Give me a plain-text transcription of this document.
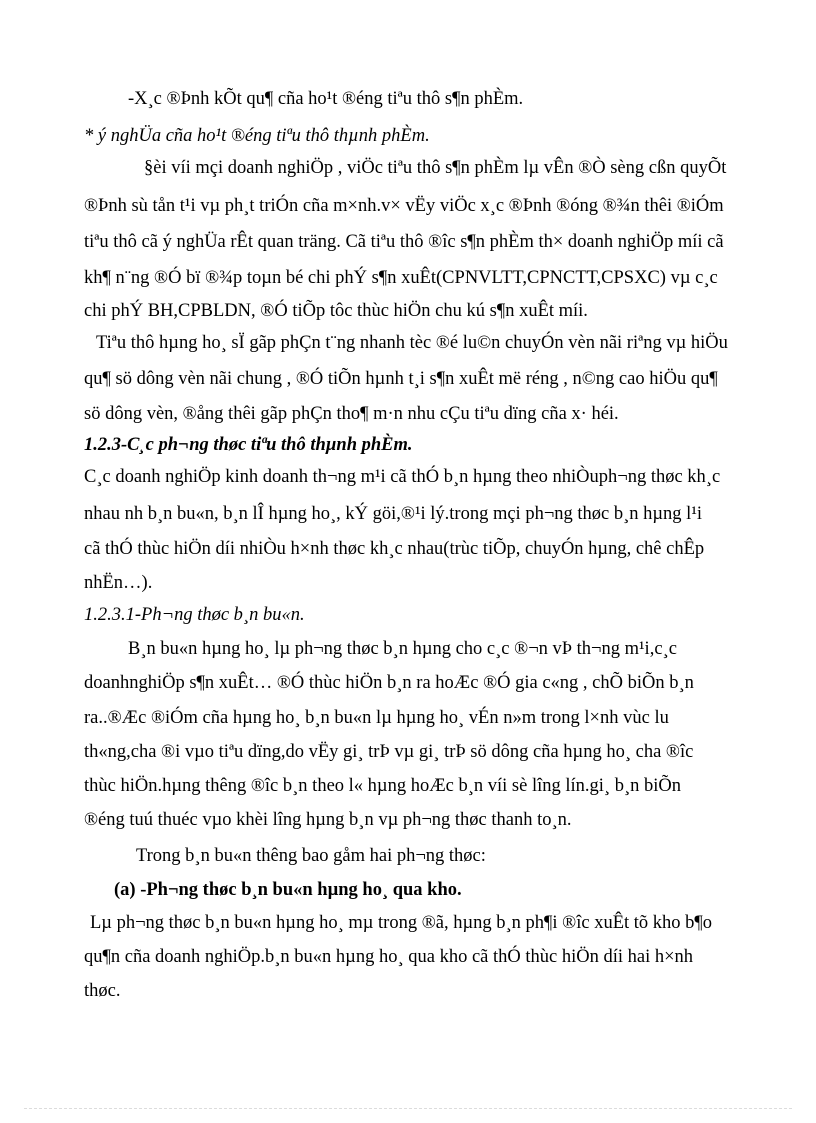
-X¸c ®Þnh kÕt qu¶ cña ho¹t ®éng tiªu thô s¶n phÈm.
* ý nghÜa cña ho¹t ®éng tiªu thô thµnh phÈm.
§èi víi mçi doanh nghiÖp , viÖc tiªu thô s¶n phÈm lµ vÊn ®Ò sèng cßn quyÕt
®Þnh sù tån t¹i vµ ph¸t triÓn cña m×nh.v× vËy viÖc x¸c ®Þnh ®óng ®¾n thêi ®iÓm
tiªu thô cã ý nghÜa rÊt quan träng. Cã tiªu thô ®îc s¶n phÈm th× doanh nghiÖp míi cã
kh¶ n¨ng ®Ó bï ®¾p toµn bé chi phÝ s¶n xuÊt(CPNVLTT,CPNCTT,CPSXC) vµ c¸c
chi phÝ BH,CPBLDN, ®Ó tiÕp tôc thùc hiÖn chu kú s¶n xuÊt míi.
Tiªu thô hµng ho¸ sÏ gãp phÇn t¨ng nhanh tèc ®é lu©n chuyÓn vèn nãi riªng vµ hiÖu
qu¶ sö dông vèn nãi chung , ®Ó tiÕn hµnh t¸i s¶n xuÊt më réng , n©ng cao hiÖu qu¶
sö dông vèn, ®ång thêi gãp phÇn tho¶ m·n nhu cÇu tiªu dïng cña x· héi.
1.2.3-C¸c ph¬ng thøc tiªu thô thµnh phÈm.
C¸c doanh nghiÖp kinh doanh th¬ng m¹i cã thÓ b¸n hµng theo nhiÒuph¬ng thøc kh¸c
nhau nh b¸n bu«n, b¸n lÎ hµng ho¸, kÝ göi,®¹i lý.trong mçi ph¬ng thøc b¸n hµng l¹i
cã thÓ thùc hiÖn díi nhiÒu h×nh thøc kh¸c nhau(trùc tiÕp, chuyÓn hµng, chê chÊp
nhËn…).
1.2.3.1-Ph¬ng thøc b¸n bu«n.
B¸n bu«n hµng ho¸ lµ ph¬ng thøc b¸n hµng cho c¸c ®¬n vÞ th¬ng m¹i,c¸c
doanhnghiÖp s¶n xuÊt… ®Ó thùc hiÖn b¸n ra hoÆc ®Ó gia c«ng , chÕ biÕn b¸n
ra..®Æc ®iÓm cña hµng ho¸ b¸n bu«n lµ hµng ho¸ vÉn n»m trong l×nh vùc lu
th«ng,cha ®i vµo tiªu dïng,do vËy gi¸ trÞ vµ gi¸ trÞ sö dông cña hµng ho¸ cha ®îc
thùc hiÖn.hµng thêng ®îc b¸n theo l« hµng hoÆc b¸n víi sè lîng lín.gi¸ b¸n biÕn
®éng tuú thuéc vµo khèi lîng hµng b¸n vµ ph¬ng thøc thanh to¸n.
Trong b¸n bu«n thêng bao gåm hai ph¬ng thøc:
(a) -Ph¬ng thøc b¸n bu«n hµng ho¸ qua kho.
Lµ ph¬ng thøc b¸n bu«n hµng ho¸ mµ trong ®ã, hµng b¸n ph¶i ®îc xuÊt tõ kho b¶o
qu¶n cña doanh nghiÖp.b¸n bu«n hµng ho¸ qua kho cã thÓ thùc hiÖn díi hai h×nh
thøc.
